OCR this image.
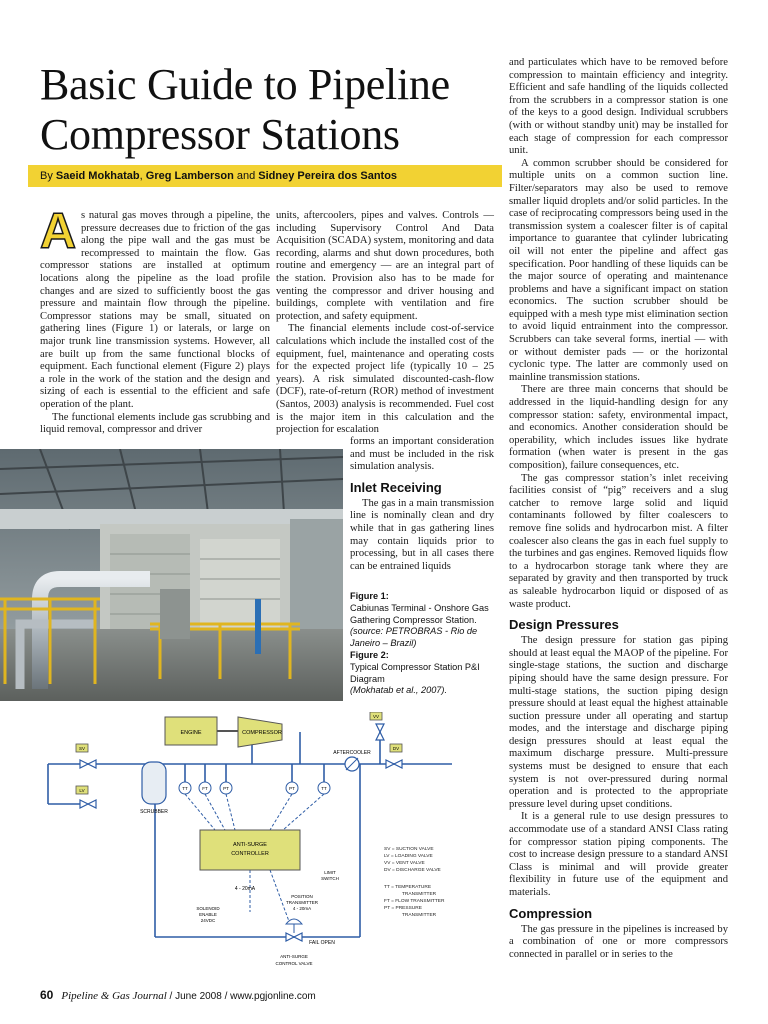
Basic Guide to Pipeline
Compressor Stations
By Saeid Mokhatab, Greg Lamberson and Sidney Pereira dos Santos

As natural gas moves through a pipeline, the pressure decreases due to friction of the gas along the pipe wall and the gas must be recompressed to maintain the flow. Gas compressor stations are installed at optimum locations along the pipeline as the load profile changes and are sized to sufficiently boost the gas pressure and maintain flow through the pipeline. Compressor stations may be small, situated on gathering lines (Figure 1) or laterals, or large on major trunk line transmission systems. However, all are built up from the same functional blocks of equipment. Each functional element (Figure 2) plays a role in the work of the station and the design and sizing of each is essential to the efficient and safe operation of the plant.

The functional elements include gas scrubbing and liquid removal, compressor and driver

units, aftercoolers, pipes and valves. Controls — including Supervisory Control And Data Acquisition (SCADA) system, monitoring and data recording, alarms and shut down procedures, both routine and emergency — are an integral part of the station. Provision also has to be made for venting the compressor and driver housing and buildings, complete with ventilation and fire protection, and safety equipment.

The financial elements include cost-of-service calculations which include the installed cost of the equipment, fuel, maintenance and operating costs for the expected project life (typically 10 – 25 years). A risk simulated discounted-cash-flow (DCF), rate-of-return (ROR) method of investment (Santos, 2003) analysis is recommended. Fuel cost is the major item in this calculation and the projection for escalation

forms an important consideration and must be included in the risk simulation analysis.

Inlet Receiving

The gas in a main transmission line is nominally clean and dry while that in gas gathering lines may contain liquids prior to processing, but in all cases there can be entrained liquids

Figure 1:
Cabiunas Terminal - Onshore Gas Gathering Compressor Station. (source: PETROBRAS - Rio de Janeiro – Brazil)
Figure 2:
Typical Compressor Station P&I Diagram
(Mokhatab et al., 2007).

and particulates which have to be removed before compression to maintain efficiency and integrity. Efficient and safe handling of the liquids collected from the scrubbers in a compressor station is one of the keys to a good design. Individual scrubbers (with or without standby unit) may be installed for each stage of compression for each compressor unit.

A common scrubber should be considered for multiple units on a common suction line. Filter/separators may also be used to remove smaller liquid droplets and/or solid particles. In the case of reciprocating compressors being used in the transmission system a coalescer filter is of capital importance to guarantee that cylinder lubricating oil will not enter the pipeline and affect gas specification. Poor handling of these liquids can be the major source of operating and maintenance problems and have a significant impact on station economics. The suction scrubber should be equipped with a mesh type mist elimination section to avoid liquid entrainment into the compressor. Scrubbers can take several forms, inertial — with or without demister pads — or the horizontal cyclonic type. The latter are commonly used on mainline transmission stations.

There are three main concerns that should be addressed in the liquid-handling design for any compressor station: safety, environmental impact, and economics. Another consideration should be operability, which includes issues like hydrate formation (when water is present in the gas composition), failure consequences, etc.

The gas compressor station’s inlet receiving facilities consist of “pig” receivers and a slug catcher to remove large solid and liquid contaminants followed by filter coalescers to remove fine solids and hydrocarbon mist. A filter coalescer also cleans the gas in each fuel supply to the turbines and gas engines. Removed liquids flow to a hydrocarbon storage tank where they are separated by gravity and then transported by truck as saleable hydrocarbon liquid or disposed of as waste product.

Design Pressures

The design pressure for station gas piping should at least equal the MAOP of the pipeline. For single-stage stations, the suction and discharge piping should have the same design pressure. For multi-stage stations, the suction piping design pressure should at least equal the highest attainable suction pressure under all operating and startup modes, and the interstage and discharge piping design pressures should at least equal the maximum discharge pressure. Multi-pressure systems must be designed to ensure that each system is not over-pressured during normal operation and is protected to the appropriate pressure level during upset conditions.

It is a general rule to use design pressures to accommodate use of a standard ANSI Class rating for compressor station piping components. The cost to increase design pressure to a standard ANSI Class is minimal and will provide greater flexibility in future use of the equipment and materials.

Compression

The gas pressure in the pipelines is increased by a combination of one or more compressors connected in parallel or in series to the

ENGINE	COMPRESSOR
AFTERCOOLER
SCRUBBER
SV
LV
DV
VV
TT	FT	PT	PT	TT
ANTI-SURGE
CONTROLLER
4 - 20mA
SOLENOID
ENABLE
24VDC
POSITION
TRANSMITTER
4 - 20mA
LIMIT
SWITCH
FAIL OPEN
ANTI-SURGE
CONTROL VALVE
SV = SUCTION VALVE
LV = LOADING VALVE
VV = VENT VALVE
DV = DISCHARGE VALVE
TT = TEMPERATURE
TRANSMITTER
FT = FLOW TRANSMITTER
PT = PRESSURE
TRANSMITTER
60 Pipeline & Gas Journal / June 2008 / www.pgjonline.com
